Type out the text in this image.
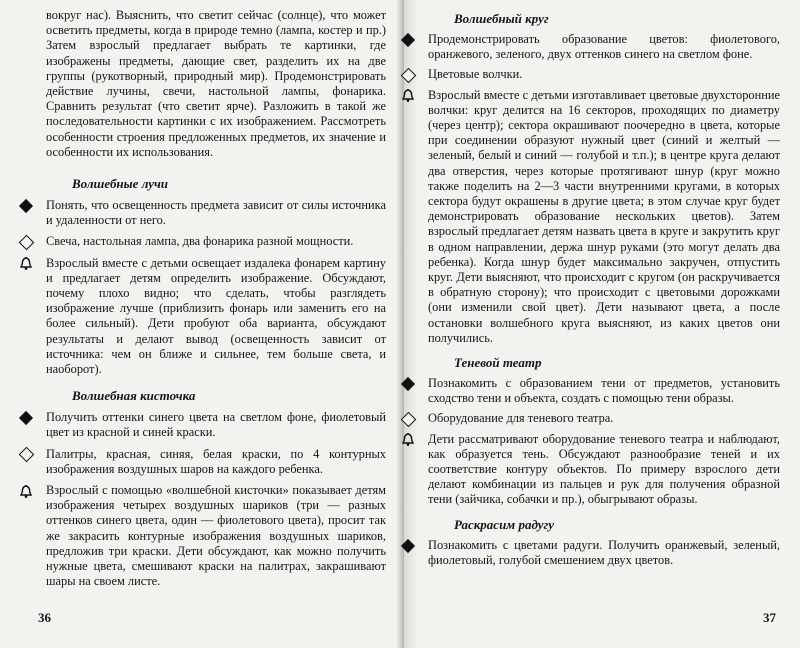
вокруг нас). Выяснить, что светит сейчас (солнце), что может осветить предметы, когда в природе темно (лампа, костер и пр.) Затем взрослый предлагает выбрать те картинки, где изображены предметы, дающие свет, разделить их на две группы (рукотворный, природный мир). Продемонстрировать действие лучины, свечи, настольной лампы, фонарика. Сравнить результат (что светит ярче). Разложить в такой же последовательности картинки с их изображением. Рассмотреть особенности строения предложенных предметов, их значение и особенности их использования.

Волшебные лучи

Понять, что освещенность предмета зависит от силы источника и удаленности от него.

Свеча, настольная лампа, два фонарика разной мощности.

Взрослый вместе с детьми освещает издалека фонарем картину и предлагает детям определить изображение. Обсуждают, почему плохо видно; что сделать, чтобы разглядеть изображение лучше (приблизить фонарь или заменить его на более сильный). Дети пробуют оба варианта, обсуждают результаты и делают вывод (освещенность зависит от источника: чем он ближе и сильнее, тем больше света, и наоборот).

Волшебная кисточка

Получить оттенки синего цвета на светлом фоне, фиолетовый цвет из красной и синей краски.

Палитры, красная, синяя, белая краски, по 4 контурных изображения воздушных шаров на каждого ребенка.

Взрослый с помощью «волшебной кисточки» показывает детям изображения четырех воздушных шариков (три — разных оттенков синего цвета, один — фиолетового цвета), просит так же закрасить контурные изображения воздушных шариков, предложив три краски. Дети обсуждают, как можно получить нужные цвета, смешивают краски на палитрах, закрашивают шары на своем листе.

36

Волшебный круг

Продемонстрировать образование цветов: фиолетового, оранжевого, зеленого, двух оттенков синего на светлом фоне.

Цветовые волчки.

Взрослый вместе с детьми изготавливает цветовые двухсторонние волчки: круг делится на 16 секторов, проходящих по диаметру (через центр); сектора окрашивают поочередно в цвета, которые при соединении образуют нужный цвет (синий и желтый — зеленый, белый и синий — голубой и т.п.); в центре круга делают два отверстия, через которые протягивают шнур (круг можно также поделить на 2—3 части внутренними кругами, в которых сектора будут окрашены в другие цвета; в этом случае круг будет демонстрировать образование нескольких цветов). Затем взрослый предлагает детям назвать цвета в круге и закрутить круг в одном направлении, держа шнур руками (это могут делать два ребенка). Когда шнур будет максимально закручен, отпустить круг. Дети выясняют, что происходит с кругом (он раскручивается в обратную сторону); что происходит с цветовыми дорожками (они изменили свой цвет). Дети называют цвета, а после остановки волшебного круга выясняют, из каких цветов они получились.

Теневой театр

Познакомить с образованием тени от предметов, установить сходство тени и объекта, создать с помощью тени образы.

Оборудование для теневого театра.

Дети рассматривают оборудование теневого театра и наблюдают, как образуется тень. Обсуждают разнообразие теней и их соответствие контуру объектов. По примеру взрослого дети делают комбинации из пальцев и рук для получения образной тени (зайчика, собачки и пр.), обыгрывают образы.

Раскрасим радугу

Познакомить с цветами радуги. Получить оранжевый, зеленый, фиолетовый, голубой смешением двух цветов.

37
